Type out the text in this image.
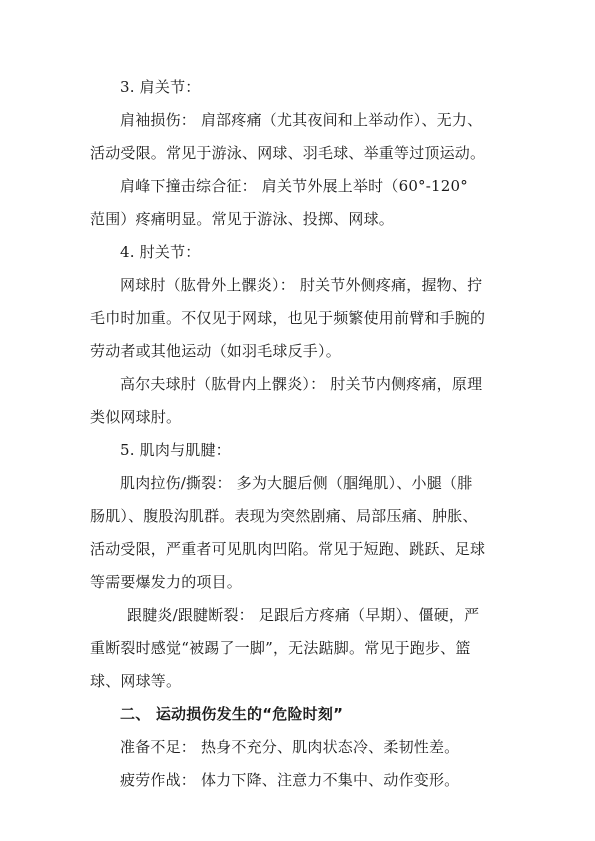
3. 肩关节：
肩袖损伤： 肩部疼痛（尤其夜间和上举动作）、无力、
活动受限。常见于游泳、网球、羽毛球、举重等过顶运动。
肩峰下撞击综合征： 肩关节外展上举时（60°-120°
范围）疼痛明显。常见于游泳、投掷、网球。
4. 肘关节：
网球肘（肱骨外上髁炎）： 肘关节外侧疼痛，握物、拧
毛巾时加重。不仅见于网球，也见于频繁使用前臂和手腕的
劳动者或其他运动（如羽毛球反手）。
高尔夫球肘（肱骨内上髁炎）： 肘关节内侧疼痛，原理
类似网球肘。
5. 肌肉与肌腱：
肌肉拉伤/撕裂： 多为大腿后侧（腘绳肌）、小腿（腓
肠肌）、腹股沟肌群。表现为突然剧痛、局部压痛、肿胀、
活动受限，严重者可见肌肉凹陷。常见于短跑、跳跃、足球
等需要爆发力的项目。
跟腱炎/跟腱断裂： 足跟后方疼痛（早期）、僵硬，严
重断裂时感觉“被踢了一脚”，无法踮脚。常见于跑步、篮
球、网球等。
二、 运动损伤发生的“危险时刻”
准备不足： 热身不充分、肌肉状态冷、柔韧性差。
疲劳作战： 体力下降、注意力不集中、动作变形。
